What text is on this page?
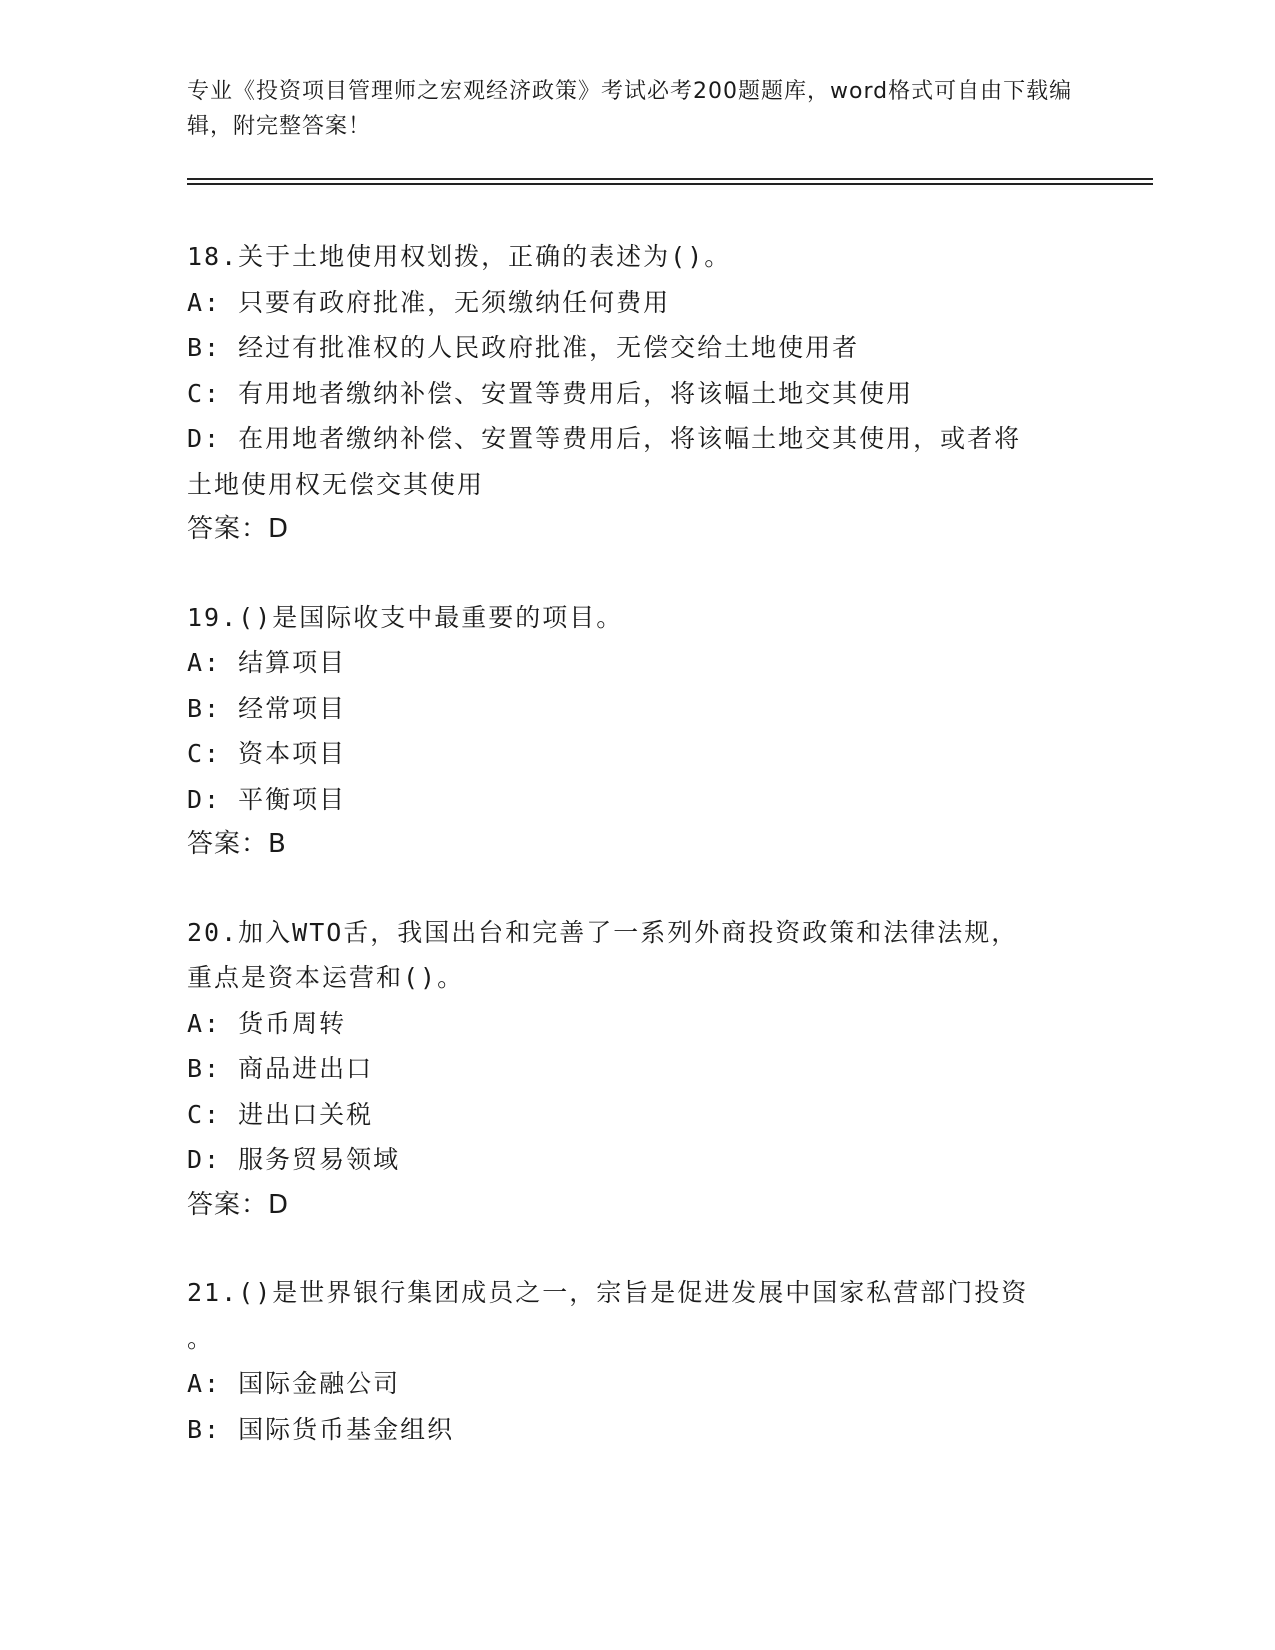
专业《投资项目管理师之宏观经济政策》考试必考200题题库，word格式可自由下载编辑，附完整答案！
18.关于土地使用权划拨，正确的表述为()。
A: 只要有政府批准，无须缴纳任何费用
B: 经过有批准权的人民政府批准，无偿交给土地使用者
C: 有用地者缴纳补偿、安置等费用后，将该幅土地交其使用
D: 在用地者缴纳补偿、安置等费用后，将该幅土地交其使用，或者将
土地使用权无偿交其使用
答案：D
19.()是国际收支中最重要的项目。
A: 结算项目
B: 经常项目
C: 资本项目
D: 平衡项目
答案：B
20.加入WTO舌，我国出台和完善了一系列外商投资政策和法律法规，
重点是资本运营和()。
A: 货币周转
B: 商品进出口
C: 进出口关税
D: 服务贸易领域
答案：D
21.()是世界银行集团成员之一，宗旨是促进发展中国家私营部门投资
。
A: 国际金融公司
B: 国际货币基金组织
